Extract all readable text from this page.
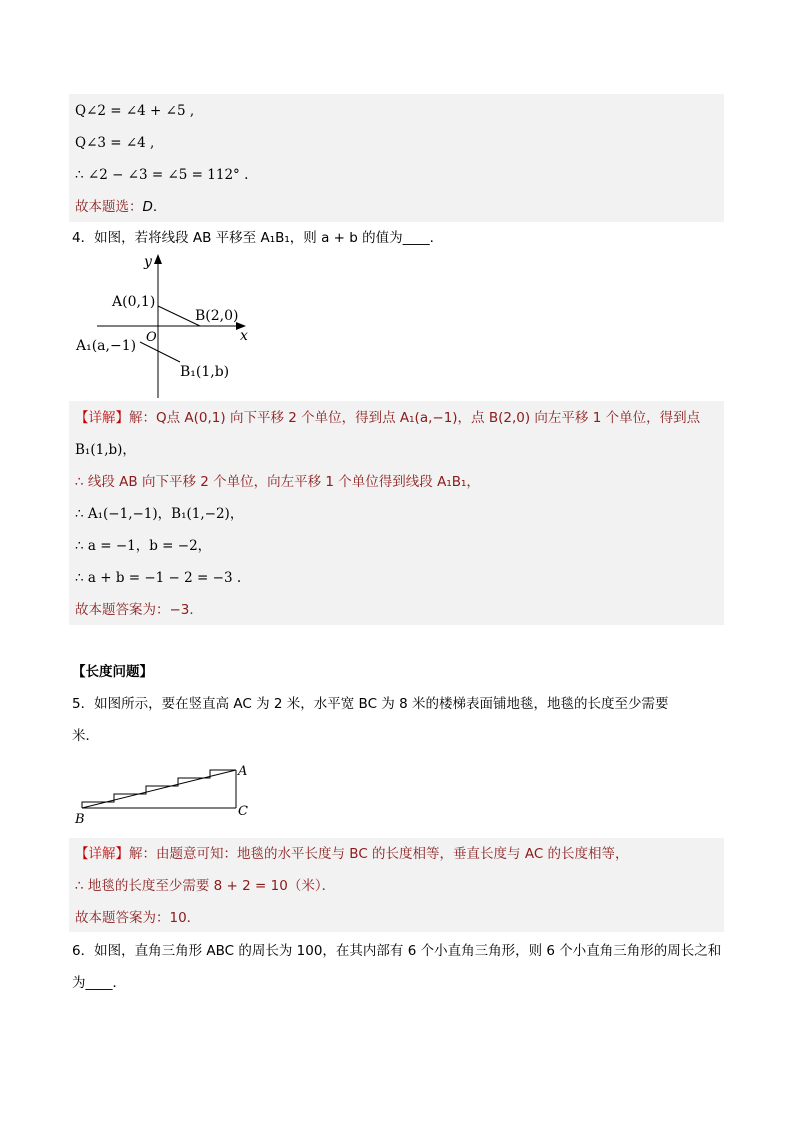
Q∠2 = ∠4 + ∠5 ,
Q∠3 = ∠4 ,
∴ ∠2 − ∠3 = ∠5 = 112° .
故本题选：D.
4．如图，若将线段 AB 平移至 A₁B₁，则 a + b 的值为____．
y
x
O
A(0,1)
B(2,0)
A₁(a,−1)
B₁(1,b)
【详解】解：Q点 A(0,1) 向下平移 2 个单位，得到点 A₁(a,−1)，点 B(2,0) 向左平移 1 个单位，得到点
B₁(1,b)，
∴ 线段 AB 向下平移 2 个单位，向左平移 1 个单位得到线段 A₁B₁，
∴ A₁(−1,−1)，B₁(1,−2)，
∴ a = −1，b = −2，
∴ a + b = −1 − 2 = −3 .
故本题答案为：−3．
【长度问题】
5．如图所示，要在竖直高 AC 为 2 米，水平宽 BC 为 8 米的楼梯表面铺地毯，地毯的长度至少需要
米．
A
B
C
【详解】解：由题意可知：地毯的水平长度与 BC 的长度相等，垂直长度与 AC 的长度相等，
∴ 地毯的长度至少需要 8 + 2 = 10（米）．
故本题答案为：10．
6．如图，直角三角形 ABC 的周长为 100，在其内部有 6 个小直角三角形，则 6 个小直角三角形的周长之和
为____．
